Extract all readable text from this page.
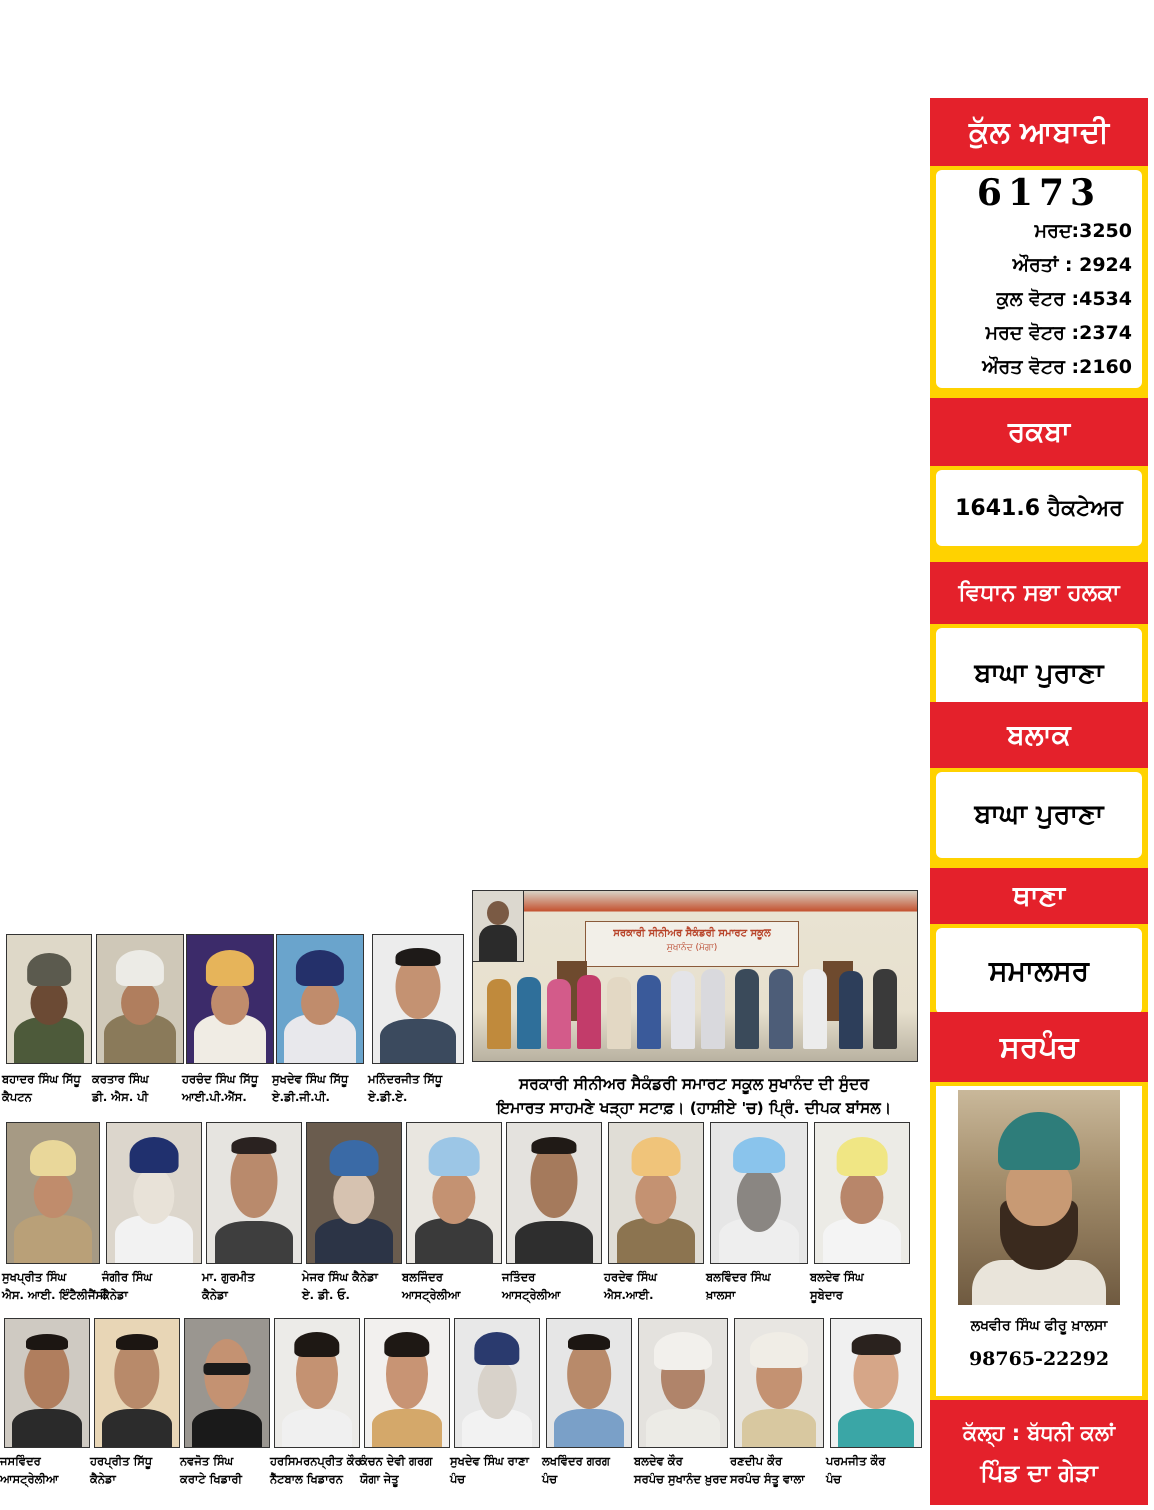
ਕੁੱਲ ਆਬਾਦੀ
6173
ਮਰਦ:3250
ਔਰਤਾਂ : 2924
ਕੁਲ ਵੋਟਰ :4534
ਮਰਦ ਵੋਟਰ :2374
ਔਰਤ ਵੋਟਰ :2160
ਰਕਬਾ
1641.6 ਹੈਕਟੇਅਰ
ਵਿਧਾਨ ਸਭਾ ਹਲਕਾ
ਬਾਘਾ ਪੁਰਾਣਾ
ਬਲਾਕ
ਬਾਘਾ ਪੁਰਾਣਾ
ਥਾਣਾ
ਸਮਾਲਸਰ
ਸਰਪੰਚ
ਲਖਵੀਰ ਸਿੰਘ ਫੀਰੂ ਖ਼ਾਲਸਾ
98765-22292
ਕੱਲ੍ਹ : ਬੱਧਨੀ ਕਲਾਂ
ਪਿੰਡ ਦਾ ਗੇੜਾ
ਸਰਕਾਰੀ ਸੀਨੀਅਰ ਸੈਕੰਡਰੀ ਸਮਾਰਟ ਸਕੂਲ
ਸੁਖਾਨੰਦ (ਮੋਗਾ)
ਸਰਕਾਰੀ ਸੀਨੀਅਰ ਸੈਕੰਡਰੀ ਸਮਾਰਟ ਸਕੂਲ ਸੁਖਾਨੰਦ ਦੀ ਸੁੰਦਰ
ਇਮਾਰਤ ਸਾਹਮਣੇ ਖੜ੍ਹਾ ਸਟਾਫ਼। (ਹਾਸ਼ੀਏ 'ਚ) ਪ੍ਰਿੰ. ਦੀਪਕ ਬਾਂਸਲ।
ਬਹਾਦਰ ਸਿੰਘ ਸਿੱਧੂ
ਕੈਪਟਨ
ਕਰਤਾਰ ਸਿੰਘ
ਡੀ. ਐਸ. ਪੀ
ਹਰਚੰਦ ਸਿੰਘ ਸਿੱਧੂ
ਆਈ.ਪੀ.ਐੱਸ.
ਸੁਖਦੇਵ ਸਿੰਘ ਸਿੱਧੂ
ਏ.ਡੀ.ਜੀ.ਪੀ.
ਮਨਿੰਦਰਜੀਤ ਸਿੱਧੂ
ਏ.ਡੀ.ਏ.
ਸੁਖਪ੍ਰੀਤ ਸਿੰਘ
ਐਸ. ਆਈ. ਇੰਟੈਲੀਜੈਂਸੀ
ਜੰਗੀਰ ਸਿੰਘ
ਕੈਨੇਡਾ
ਮਾ. ਗੁਰਮੀਤ
ਕੈਨੇਡਾ
ਮੇਜਰ ਸਿੰਘ ਕੈਨੇਡਾ
ਏ. ਡੀ. ਓ.
ਬਲਜਿੰਦਰ
ਆਸਟ੍ਰੇਲੀਆ
ਜਤਿੰਦਰ
ਆਸਟ੍ਰੇਲੀਆ
ਹਰਦੇਵ ਸਿੰਘ
ਐਸ.ਆਈ.
ਬਲਵਿੰਦਰ ਸਿੰਘ
ਖ਼ਾਲਸਾ
ਬਲਦੇਵ ਸਿੰਘ
ਸੂਬੇਦਾਰ
ਜਸਵਿੰਦਰ
ਆਸਟ੍ਰੇਲੀਆ
ਹਰਪ੍ਰੀਤ ਸਿੱਧੂ
ਕੈਨੇਡਾ
ਨਵਜੋਤ ਸਿੰਘ
ਕਰਾਟੇ ਖਿਡਾਰੀ
ਹਰਸਿਮਰਨਪ੍ਰੀਤ ਕੌਰ
ਨੈੱਟਬਾਲ ਖਿਡਾਰਨ
ਕੰਚਨ ਦੇਵੀ ਗਰਗ
ਯੋਗਾ ਜੇਤੂ
ਸੁਖਦੇਵ ਸਿੰਘ ਰਾਣਾ
ਪੰਚ
ਲਖਵਿੰਦਰ ਗਰਗ
ਪੰਚ
ਬਲਦੇਵ ਕੌਰ
ਸਰਪੰਚ ਸੁਖਾਨੰਦ ਖ਼ੁਰਦ
ਰਣਦੀਪ ਕੌਰ
ਸਰਪੰਚ ਸੰਤੂ ਵਾਲਾ
ਪਰਮਜੀਤ ਕੌਰ
ਪੰਚ
